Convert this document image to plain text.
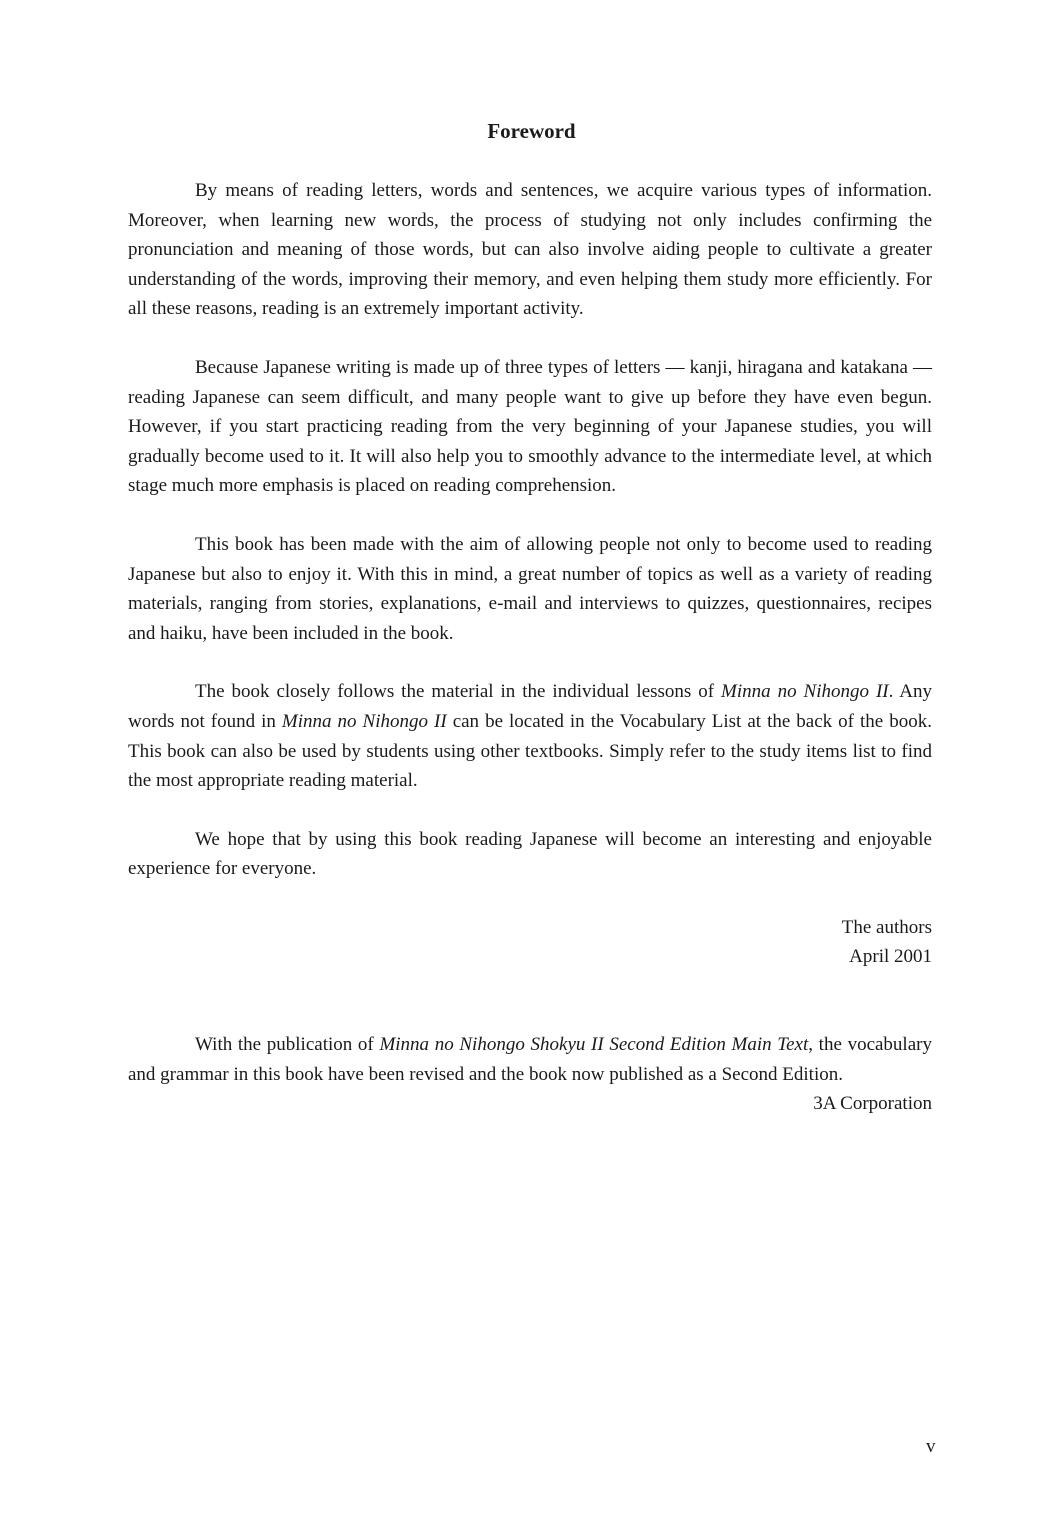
Foreword

By means of reading letters, words and sentences, we acquire various types of information. Moreover, when learning new words, the process of studying not only includes confirming the pronunciation and meaning of those words, but can also involve aiding people to cultivate a greater understanding of the words, improving their memory, and even helping them study more efficiently. For all these reasons, reading is an extremely important activity.

Because Japanese writing is made up of three types of letters — kanji, hiragana and katakana — reading Japanese can seem difficult, and many people want to give up before they have even begun. However, if you start practicing reading from the very beginning of your Japanese studies, you will gradually become used to it. It will also help you to smoothly advance to the intermediate level, at which stage much more emphasis is placed on reading comprehension.

This book has been made with the aim of allowing people not only to become used to reading Japanese but also to enjoy it. With this in mind, a great number of topics as well as a variety of reading materials, ranging from stories, explanations, e-mail and interviews to quizzes, questionnaires, recipes and haiku, have been included in the book.

The book closely follows the material in the individual lessons of Minna no Nihongo II. Any words not found in Minna no Nihongo II can be located in the Vocabulary List at the back of the book. This book can also be used by students using other textbooks. Simply refer to the study items list to find the most appropriate reading material.

We hope that by using this book reading Japanese will become an interesting and enjoyable experience for everyone.

The authors

April 2001

With the publication of Minna no Nihongo Shokyu II Second Edition Main Text, the vocabulary and grammar in this book have been revised and the book now published as a Second Edition.

3A Corporation

v
